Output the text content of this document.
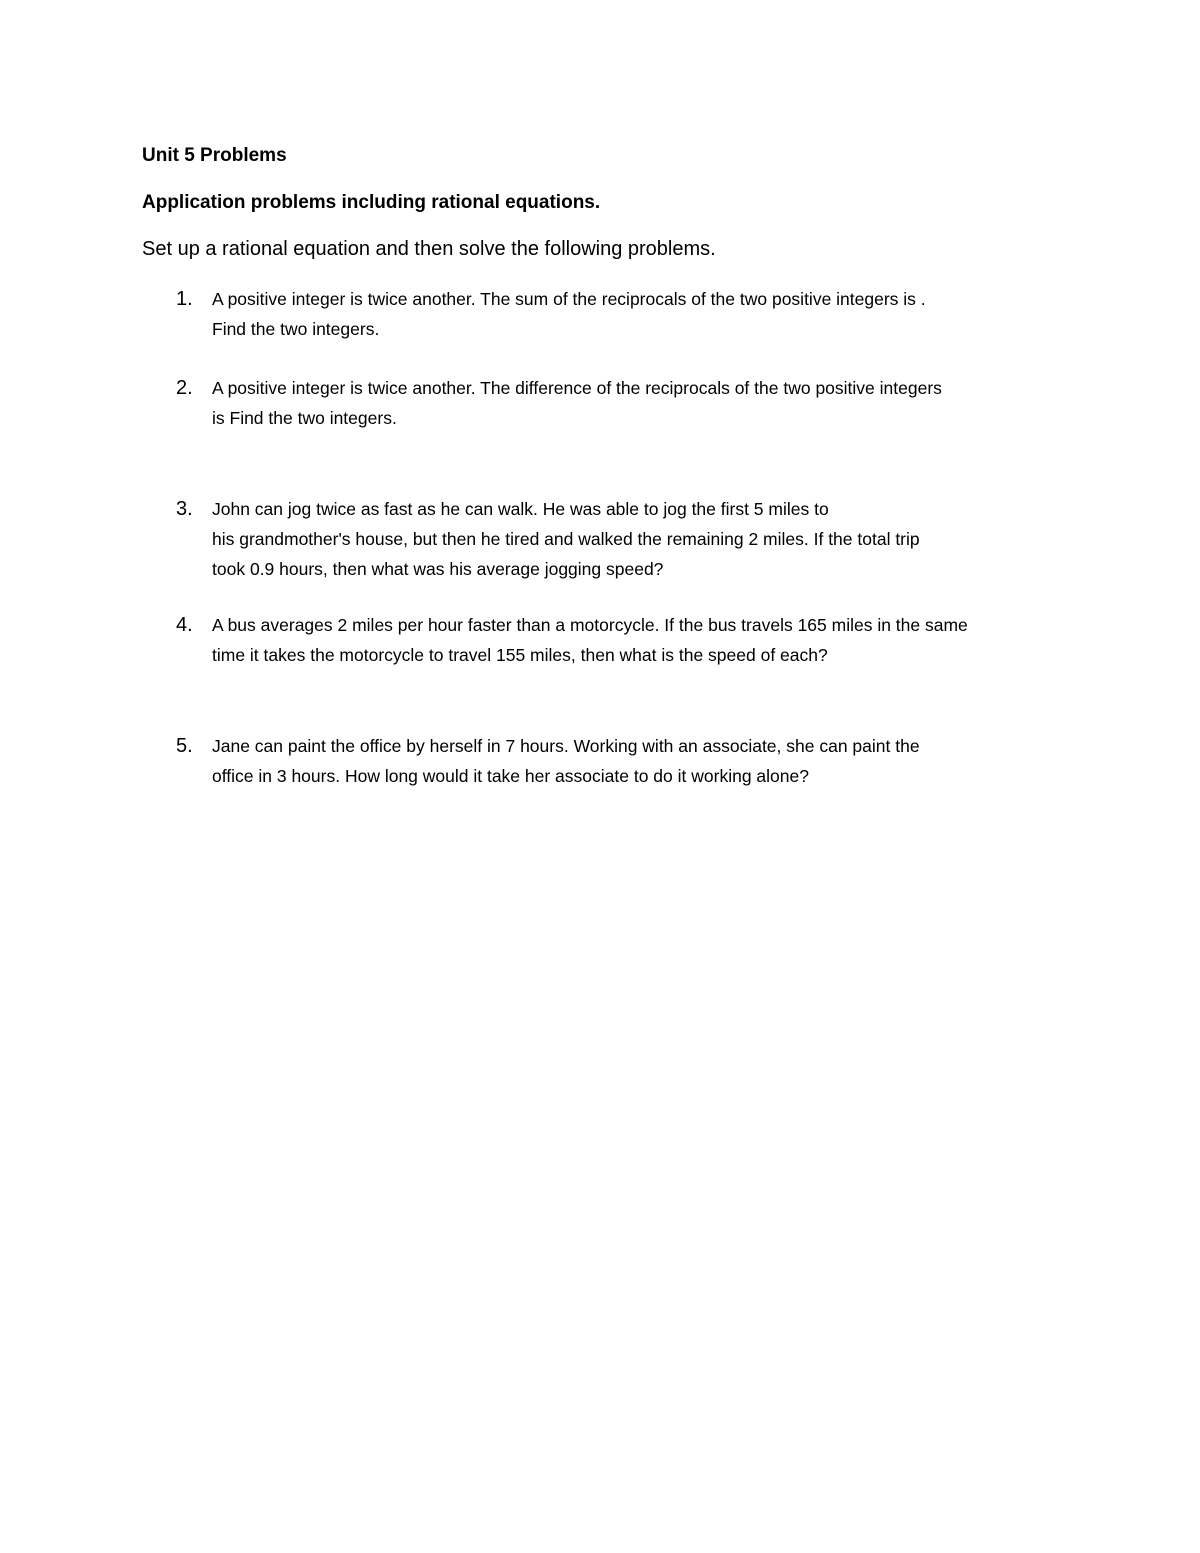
Unit 5 Problems
Application problems including rational equations.
Set up a rational equation and then solve the following problems.
1. A positive integer is twice another. The sum of the reciprocals of the two positive integers is .
Find the two integers.
2. A positive integer is twice another. The difference of the reciprocals of the two positive integers
is Find the two integers.
3. John can jog twice as fast as he can walk. He was able to jog the first 5 miles to
his grandmother's house, but then he tired and walked the remaining 2 miles. If the total trip
took 0.9 hours, then what was his average jogging speed?
4. A bus averages 2 miles per hour faster than a motorcycle. If the bus travels 165 miles in the same
time it takes the motorcycle to travel 155 miles, then what is the speed of each?
5. Jane can paint the office by herself in 7 hours. Working with an associate, she can paint the
office in 3 hours. How long would it take her associate to do it working alone?
